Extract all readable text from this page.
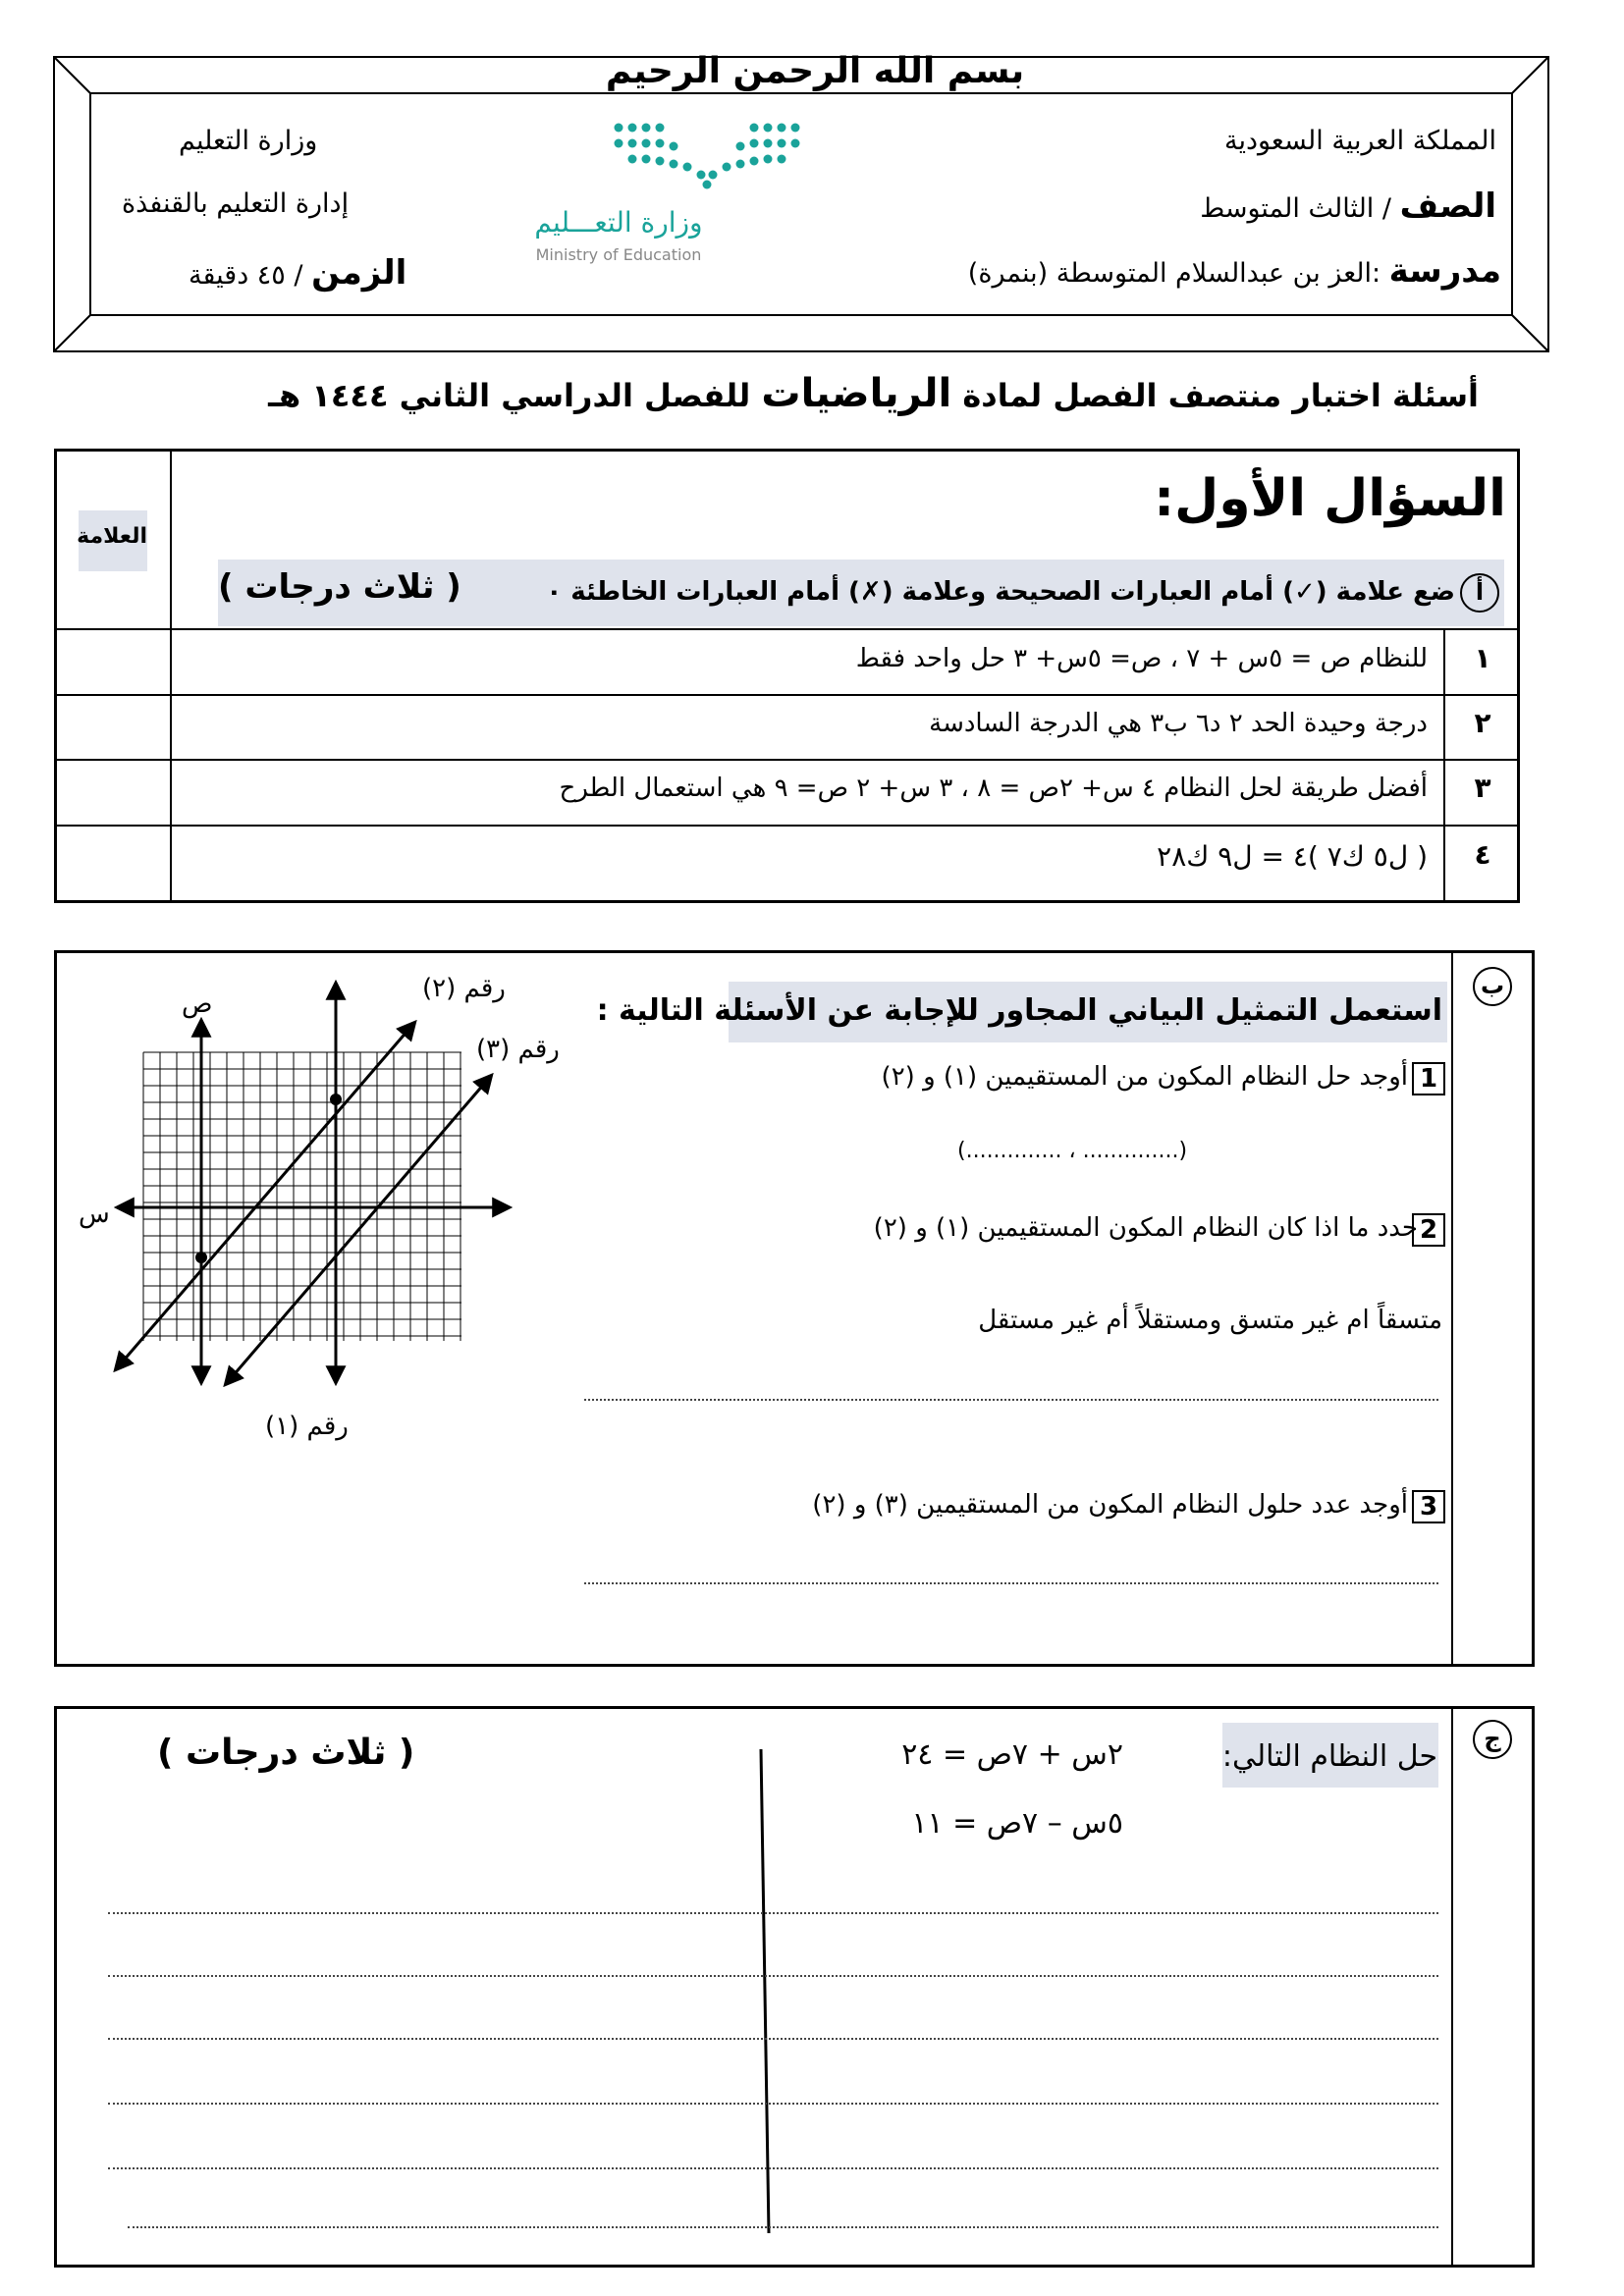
بسم الله الرحمن الرحيم
المملكة العربية السعودية
الصف / الثالث المتوسط
مدرسة :العز بن عبدالسلام المتوسطة (بنمرة)
وزارة التعليم
إدارة التعليم بالقنفذة
الزمن / ٤٥ دقيقة
وزارة التعـــليم
Ministry of Education
أسئلة اختبار منتصف الفصل لمادة الرياضيات للفصل الدراسي الثاني ١٤٤٤ هـ
السؤال الأول:
العلامة
أ
ضع علامة (✓) أمام العبارات الصحيحة وعلامة (✗) أمام العبارات الخاطئة ٠
( ثلاث درجات )
١
للنظام ص = ٥س + ٧ ، ص= ٥س+ ٣ حل واحد فقط
٢
درجة وحيدة الحد ٢ د٦ ب٣ هي الدرجة السادسة
٣
أفضل طريقة لحل النظام ٤ س+ ٢ص = ٨ ، ٣ س+ ٢ ص= ٩ هي استعمال الطرح
٤
( ل٥ ك٧ )٤ = ل٩ ك٢٨
ب
استعمل التمثيل البياني المجاور للإجابة عن الأسئلة التالية :
1
أوجد حل النظام المكون من المستقيمين (١) و (٢)
(.............. ، ..............)
2
حدد ما اذا كان النظام المكون المستقيمين (١) و (٢)
متسقاً ام غير متسق ومستقلاً أم غير مستقل
3
أوجد عدد حلول النظام المكون من المستقيمين (٣) و (٢)
ص
س
رقم (١)
رقم (٢)
رقم (٣)
ج
حل النظام التالي:
٢س + ٧ص = ٢٤
٥س – ٧ص = ١١
( ثلاث درجات )
